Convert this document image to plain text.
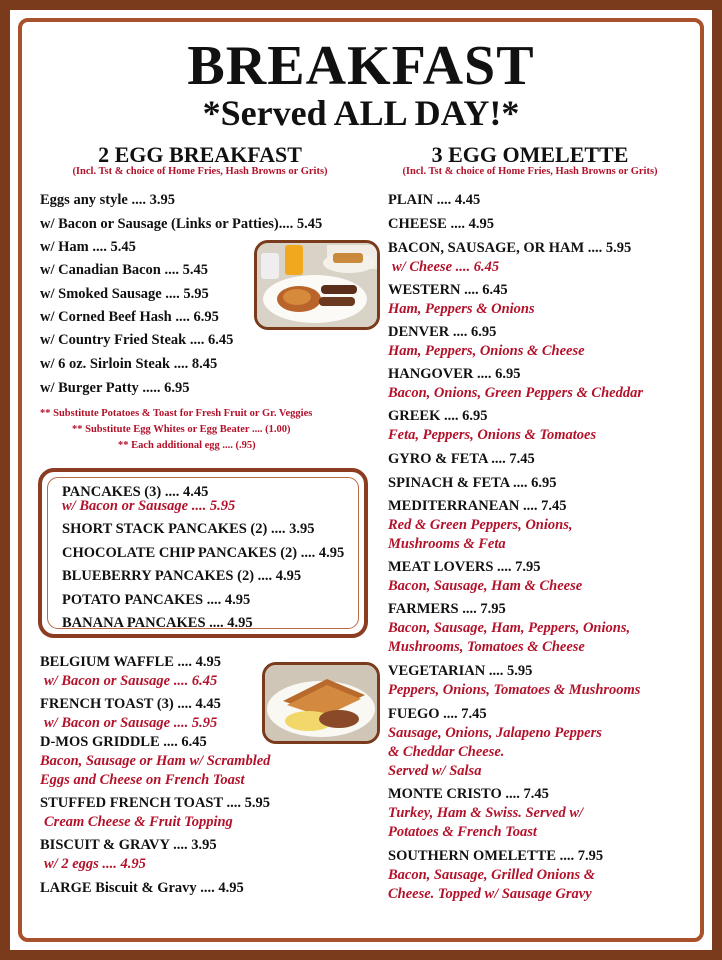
BREAKFAST
*Served ALL DAY!*
2 EGG BREAKFAST
(Incl. Tst & choice of Home Fries, Hash Browns or Grits)
Eggs any style .... 3.95
w/ Bacon or Sausage (Links or Patties).... 5.45
w/ Ham .... 5.45
w/ Canadian Bacon .... 5.45
w/ Smoked Sausage .... 5.95
w/ Corned Beef Hash .... 6.95
w/ Country Fried Steak .... 6.45
w/ 6 oz. Sirloin Steak .... 8.45
w/ Burger Patty ..... 6.95
** Substitute Potatoes & Toast for Fresh Fruit or Gr. Veggies
** Substitute Egg Whites or Egg Beater .... (1.00)
** Each additional egg .... (.95)
PANCAKES (3) .... 4.45
w/ Bacon or Sausage .... 5.95
SHORT STACK PANCAKES (2) .... 3.95
CHOCOLATE CHIP PANCAKES (2) .... 4.95
BLUEBERRY PANCAKES (2) .... 4.95
POTATO PANCAKES .... 4.95
BANANA PANCAKES .... 4.95
BELGIUM WAFFLE .... 4.95
w/ Bacon or Sausage .... 6.45
FRENCH TOAST (3) .... 4.45
w/ Bacon or Sausage .... 5.95
D-MOS GRIDDLE .... 6.45
Bacon, Sausage or Ham w/ Scrambled
Eggs and Cheese on French Toast
STUFFED FRENCH TOAST .... 5.95
Cream Cheese & Fruit Topping
BISCUIT & GRAVY .... 3.95
w/ 2 eggs .... 4.95
LARGE Biscuit & Gravy .... 4.95
3 EGG OMELETTE
(Incl. Tst & choice of Home Fries, Hash Browns or Grits)
PLAIN .... 4.45
CHEESE .... 4.95
BACON, SAUSAGE, OR HAM .... 5.95
w/ Cheese .... 6.45
WESTERN .... 6.45
Ham, Peppers & Onions
DENVER .... 6.95
Ham, Peppers, Onions & Cheese
HANGOVER .... 6.95
Bacon, Onions, Green Peppers & Cheddar
GREEK .... 6.95
Feta, Peppers, Onions & Tomatoes
GYRO & FETA .... 7.45
SPINACH & FETA .... 6.95
MEDITERRANEAN .... 7.45
Red & Green Peppers, Onions,
Mushrooms & Feta
MEAT LOVERS .... 7.95
Bacon, Sausage, Ham & Cheese
FARMERS .... 7.95
Bacon, Sausage, Ham, Peppers, Onions,
Mushrooms, Tomatoes & Cheese
VEGETARIAN .... 5.95
Peppers, Onions, Tomatoes & Mushrooms
FUEGO .... 7.45
Sausage, Onions, Jalapeno Peppers
& Cheddar Cheese.
Served w/ Salsa
MONTE CRISTO .... 7.45
Turkey, Ham & Swiss. Served w/
Potatoes & French Toast
SOUTHERN OMELETTE .... 7.95
Bacon, Sausage, Grilled Onions &
Cheese. Topped w/ Sausage Gravy
